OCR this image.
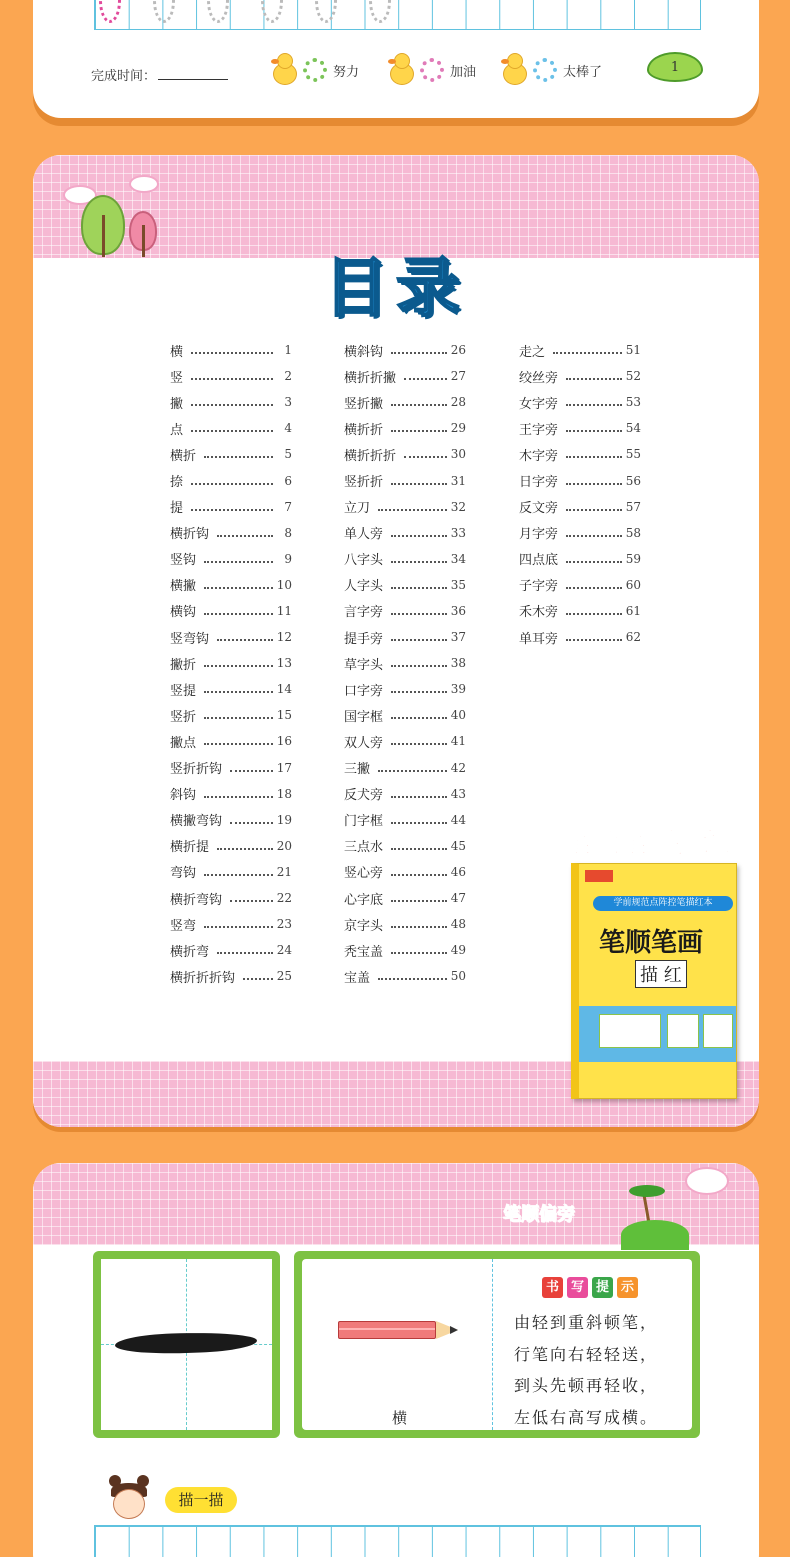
完成时间：	努力	加油	太棒了	1
目录
横	1
竖	2
撇	3
点	4
横折	5
捺	6
提	7
横折钩	8
竖钩	9
横撇	10
横钩	11
竖弯钩	12
撇折	13
竖提	14
竖折	15
撇点	16
竖折折钩	17
斜钩	18
横撇弯钩	19
横折提	20
弯钩	21
横折弯钩	22
竖弯	23
横折弯	24
横折折折钩	25
横斜钩	26
横折折撇	27
竖折撇	28
横折折	29
横折折折	30
竖折折	31
立刀	32
单人旁	33
八字头	34
人字头	35
言字旁	36
提手旁	37
草字头	38
口字旁	39
国字框	40
双人旁	41
三撇	42
反犬旁	43
门字框	44
三点水	45
竖心旁	46
心字底	47
京字头	48
秃宝盖	49
宝盖	50
走之	51
绞丝旁	52
女字旁	53
王字旁	54
木字旁	55
日字旁	56
反文旁	57
月字旁	58
四点底	59
子字旁	60
禾木旁	61
单耳旁	62
笔顺笔画描红
学前规范点阵控笔描红本
笔顺笔画
描 红
笔顺偏旁
横
书 写 提 示
由轻到重斜顿笔，
行笔向右轻轻送，
到头先顿再轻收，
左低右高写成横。
描一描
